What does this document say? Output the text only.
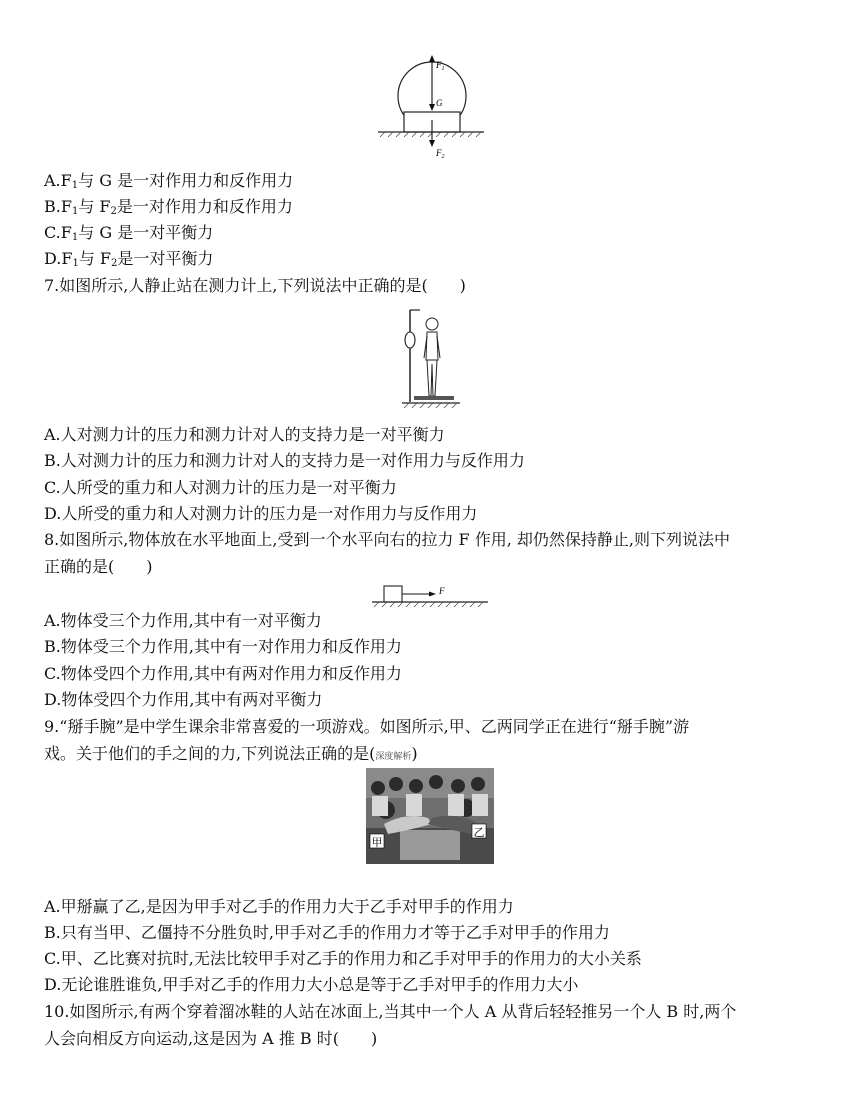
$F_1$
G
$F_2$
$A.F_1$与 G 是一对作用力和反作用力
$B.F_1$与 $F_2$是一对作用力和反作用力
$C.F_1$与 G 是一对平衡力
$D.F_1$与 $F_2$是一对平衡力
7.如图所示,人静止站在测力计上,下列说法中正确的是(　　)
A.人对测力计的压力和测力计对人的支持力是一对平衡力
B.人对测力计的压力和测力计对人的支持力是一对作用力与反作用力
C.人所受的重力和人对测力计的压力是一对平衡力
D.人所受的重力和人对测力计的压力是一对作用力与反作用力
8.如图所示,物体放在水平地面上,受到一个水平向右的拉力 F 作用, 却仍然保持静止,则下列说法中
正确的是(　　)
F
A.物体受三个力作用,其中有一对平衡力
B.物体受三个力作用,其中有一对作用力和反作用力
C.物体受四个力作用,其中有两对作用力和反作用力
D.物体受四个力作用,其中有两对平衡力
9.“掰手腕”是中学生课余非常喜爱的一项游戏。如图所示,甲、乙两同学正在进行“掰手腕”游
戏。关于他们的手之间的力,下列说法正确的是(深度解析)
甲
乙
A.甲掰赢了乙,是因为甲手对乙手的作用力大于乙手对甲手的作用力
B.只有当甲、乙僵持不分胜负时,甲手对乙手的作用力才等于乙手对甲手的作用力
C.甲、乙比赛对抗时,无法比较甲手对乙手的作用力和乙手对甲手的作用力的大小关系
D.无论谁胜谁负,甲手对乙手的作用力大小总是等于乙手对甲手的作用力大小
10.如图所示,有两个穿着溜冰鞋的人站在冰面上,当其中一个人 A 从背后轻轻推另一个人 B 时,两个
人会向相反方向运动,这是因为 A 推 B 时(　　)
